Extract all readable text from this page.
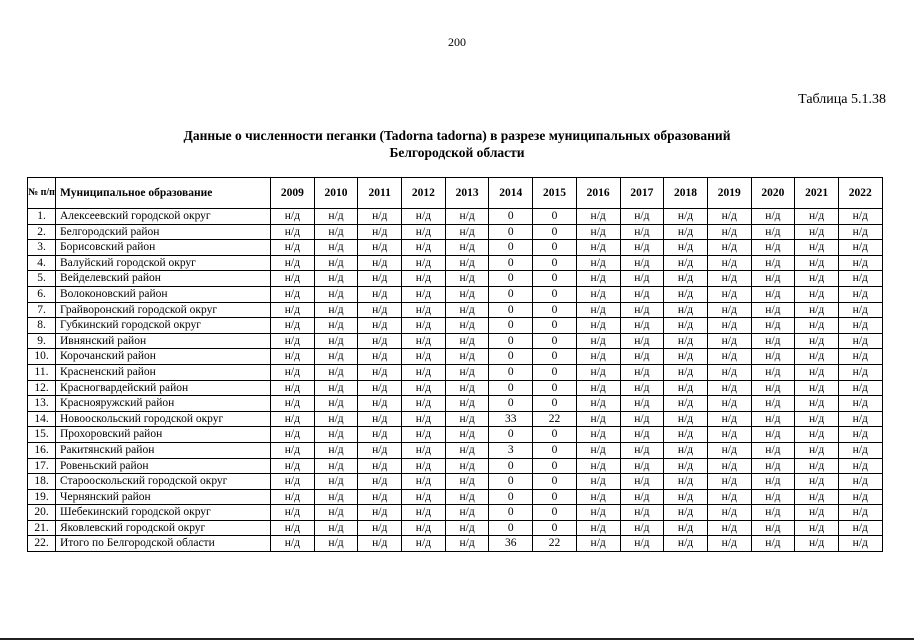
200
Таблица 5.1.38
Данные о численности пеганки (Tadorna tadorna) в разрезе муниципальных образований
Белгородской области
№ п/п	Муниципальное образование	2009	2010	2011	2012	2013	2014	2015	2016	2017	2018	2019	2020	2021	2022
1.	Алексеевский городской округ	н/д	н/д	н/д	н/д	н/д	0	0	н/д	н/д	н/д	н/д	н/д	н/д	н/д
2.	Белгородский район	н/д	н/д	н/д	н/д	н/д	0	0	н/д	н/д	н/д	н/д	н/д	н/д	н/д
3.	Борисовский район	н/д	н/д	н/д	н/д	н/д	0	0	н/д	н/д	н/д	н/д	н/д	н/д	н/д
4.	Валуйский городской округ	н/д	н/д	н/д	н/д	н/д	0	0	н/д	н/д	н/д	н/д	н/д	н/д	н/д
5.	Вейделевский район	н/д	н/д	н/д	н/д	н/д	0	0	н/д	н/д	н/д	н/д	н/д	н/д	н/д
6.	Волоконовский район	н/д	н/д	н/д	н/д	н/д	0	0	н/д	н/д	н/д	н/д	н/д	н/д	н/д
7.	Грайворонский городской округ	н/д	н/д	н/д	н/д	н/д	0	0	н/д	н/д	н/д	н/д	н/д	н/д	н/д
8.	Губкинский городской округ	н/д	н/д	н/д	н/д	н/д	0	0	н/д	н/д	н/д	н/д	н/д	н/д	н/д
9.	Ивнянский район	н/д	н/д	н/д	н/д	н/д	0	0	н/д	н/д	н/д	н/д	н/д	н/д	н/д
10.	Корочанский район	н/д	н/д	н/д	н/д	н/д	0	0	н/д	н/д	н/д	н/д	н/д	н/д	н/д
11.	Красненский район	н/д	н/д	н/д	н/д	н/д	0	0	н/д	н/д	н/д	н/д	н/д	н/д	н/д
12.	Красногвардейский район	н/д	н/д	н/д	н/д	н/д	0	0	н/д	н/д	н/д	н/д	н/д	н/д	н/д
13.	Краснояружский район	н/д	н/д	н/д	н/д	н/д	0	0	н/д	н/д	н/д	н/д	н/д	н/д	н/д
14.	Новооскольский городской округ	н/д	н/д	н/д	н/д	н/д	33	22	н/д	н/д	н/д	н/д	н/д	н/д	н/д
15.	Прохоровский район	н/д	н/д	н/д	н/д	н/д	0	0	н/д	н/д	н/д	н/д	н/д	н/д	н/д
16.	Ракитянский район	н/д	н/д	н/д	н/д	н/д	3	0	н/д	н/д	н/д	н/д	н/д	н/д	н/д
17.	Ровеньский район	н/д	н/д	н/д	н/д	н/д	0	0	н/д	н/д	н/д	н/д	н/д	н/д	н/д
18.	Старооскольский городской округ	н/д	н/д	н/д	н/д	н/д	0	0	н/д	н/д	н/д	н/д	н/д	н/д	н/д
19.	Чернянский район	н/д	н/д	н/д	н/д	н/д	0	0	н/д	н/д	н/д	н/д	н/д	н/д	н/д
20.	Шебекинский городской округ	н/д	н/д	н/д	н/д	н/д	0	0	н/д	н/д	н/д	н/д	н/д	н/д	н/д
21.	Яковлевский городской округ	н/д	н/д	н/д	н/д	н/д	0	0	н/д	н/д	н/д	н/д	н/д	н/д	н/д
22.	Итого по Белгородской области	н/д	н/д	н/д	н/д	н/д	36	22	н/д	н/д	н/д	н/д	н/д	н/д	н/д
